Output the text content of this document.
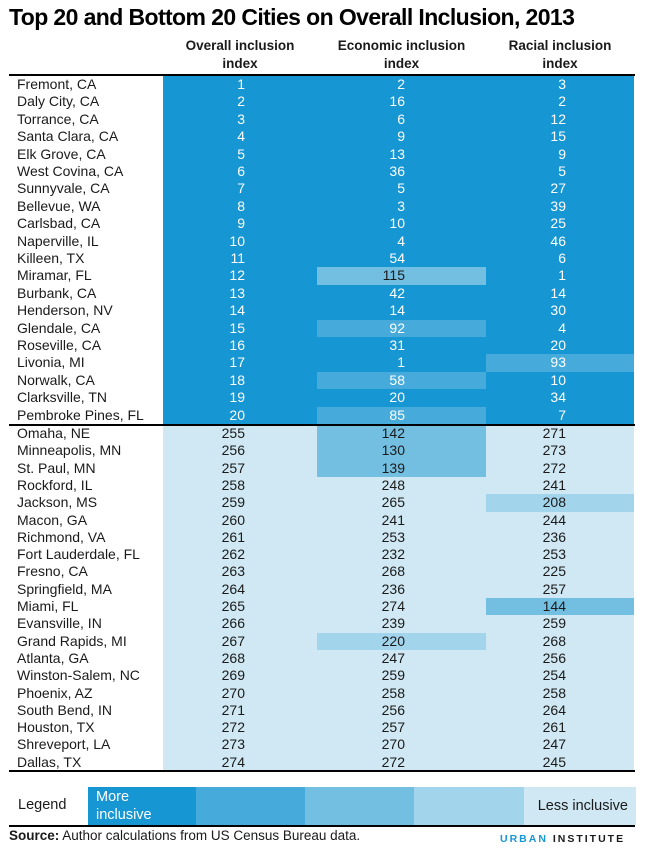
Top 20 and Bottom 20 Cities on Overall Inclusion, 2013
Overall inclusion
index
Economic inclusion
index
Racial inclusion
index
Fremont, CA	1	2	3
Daly City, CA	2	16	2
Torrance, CA	3	6	12
Santa Clara, CA	4	9	15
Elk Grove, CA	5	13	9
West Covina, CA	6	36	5
Sunnyvale, CA	7	5	27
Bellevue, WA	8	3	39
Carlsbad, CA	9	10	25
Naperville, IL	10	4	46
Killeen, TX	11	54	6
Miramar, FL	12	115	1
Burbank, CA	13	42	14
Henderson, NV	14	14	30
Glendale, CA	15	92	4
Roseville, CA	16	31	20
Livonia, MI	17	1	93
Norwalk, CA	18	58	10
Clarksville, TN	19	20	34
Pembroke Pines, FL	20	85	7
Omaha, NE	255	142	271
Minneapolis, MN	256	130	273
St. Paul, MN	257	139	272
Rockford, IL	258	248	241
Jackson, MS	259	265	208
Macon, GA	260	241	244
Richmond, VA	261	253	236
Fort Lauderdale, FL	262	232	253
Fresno, CA	263	268	225
Springfield, MA	264	236	257
Miami, FL	265	274	144
Evansville, IN	266	239	259
Grand Rapids, MI	267	220	268
Atlanta, GA	268	247	256
Winston-Salem, NC	269	259	254
Phoenix, AZ	270	258	258
South Bend, IN	271	256	264
Houston, TX	272	257	261
Shreveport, LA	273	270	247
Dallas, TX	274	272	245
Legend More inclusive
Less inclusive
Source: Author calculations from US Census Bureau data.	URBAN INSTITUTE
